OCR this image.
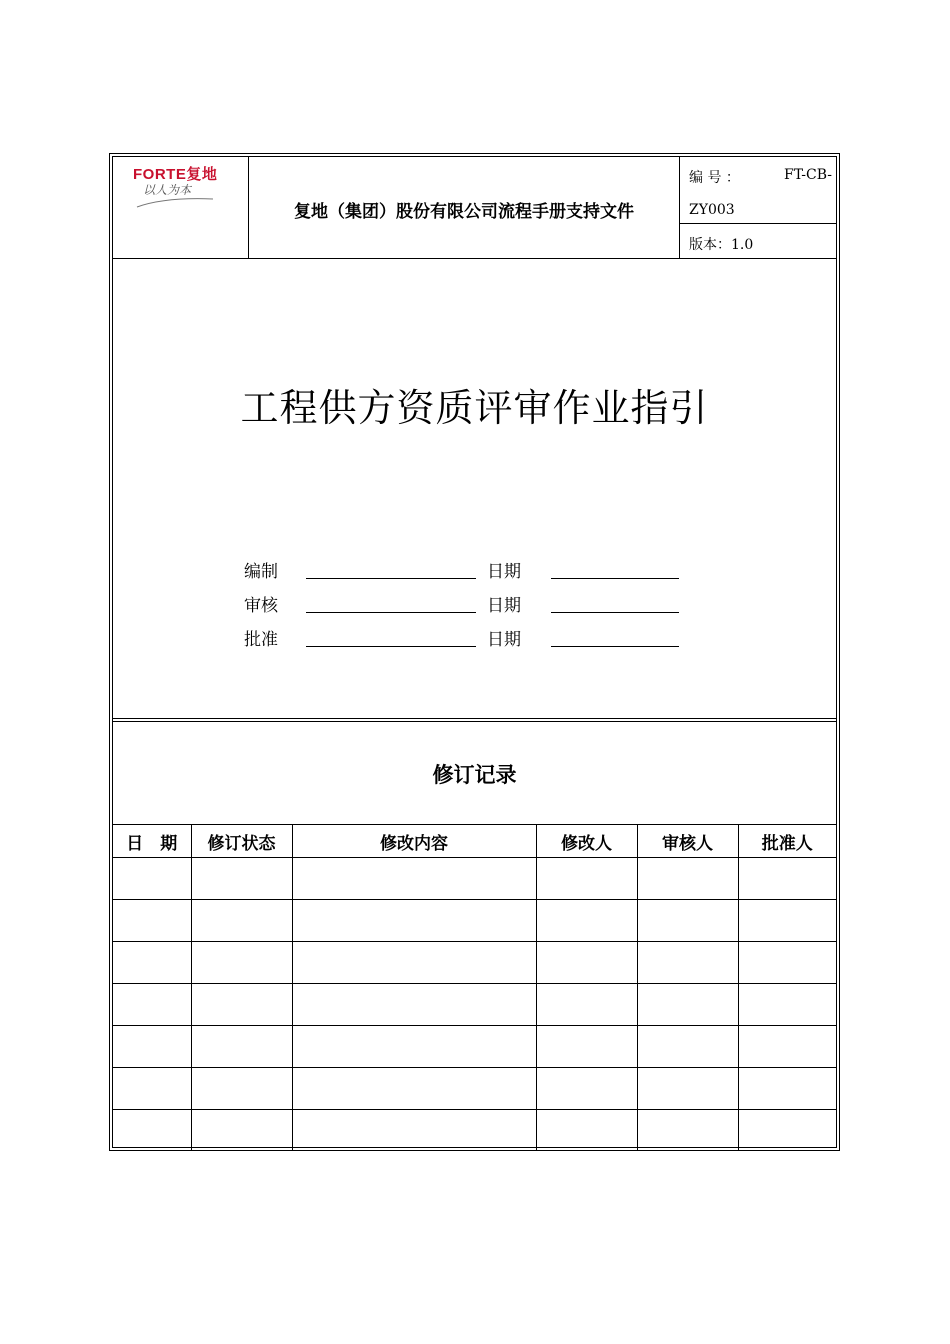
FORTE复地
以人为本
复地（集团）股份有限公司流程手册支持文件
编 号 ：	FT-CB-
ZY003
版本：1.0
工程供方资质评审作业指引
编制	日期
审核	日期
批准	日期
修订记录
日　期	修订状态	修改内容	修改人	审核人	批准人
